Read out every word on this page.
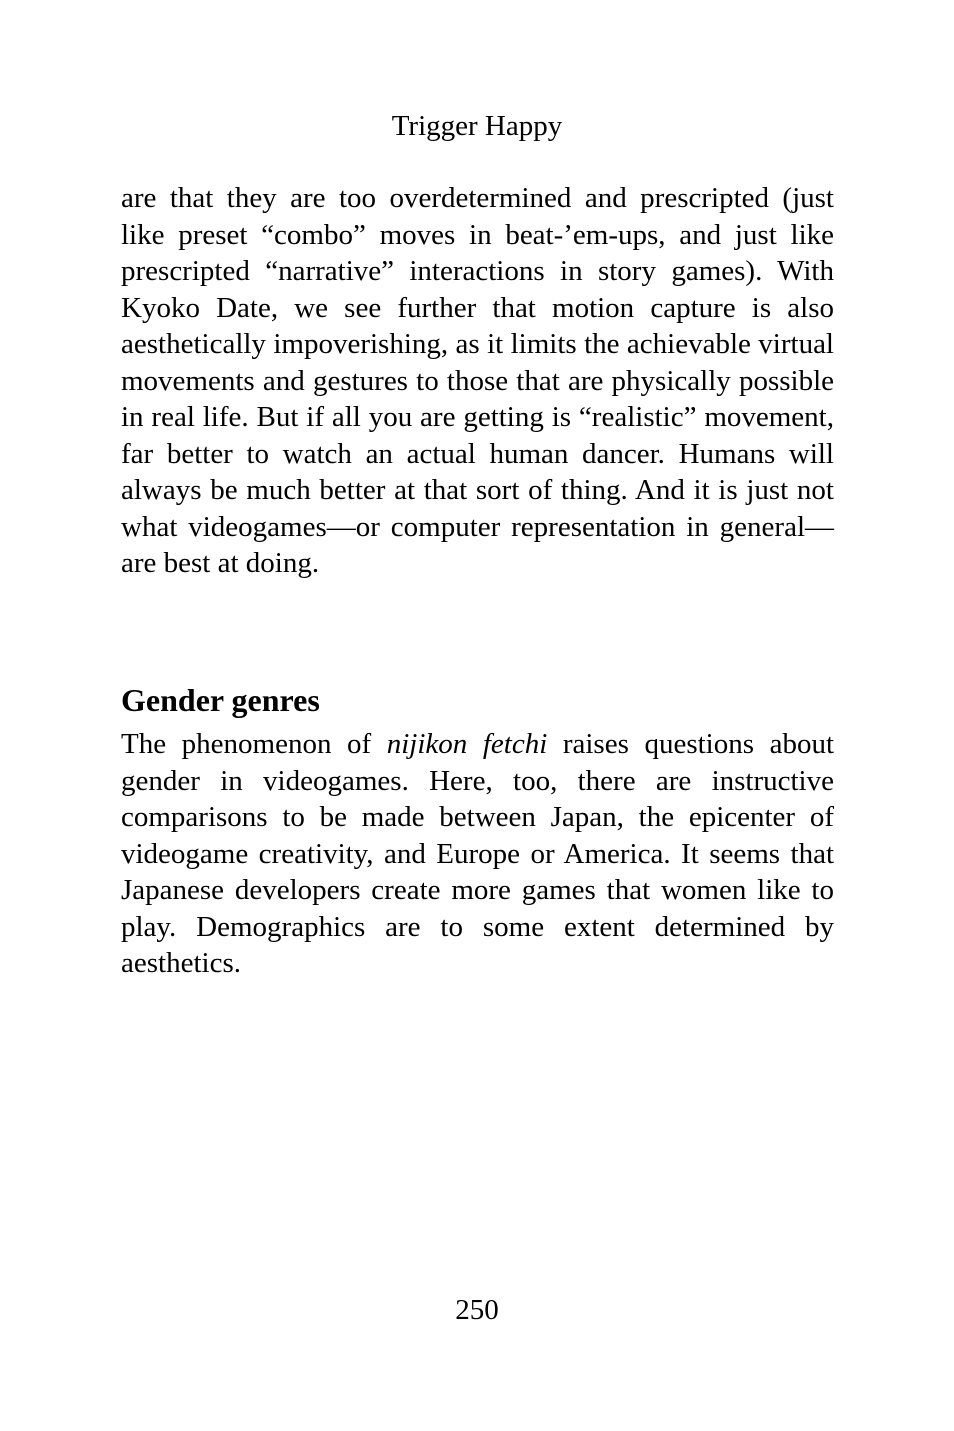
Trigger Happy

are that they are too overdetermined and prescripted (just like preset “combo” moves in beat-’em-ups, and just like prescripted “narrative” interactions in story games). With Kyoko Date, we see further that motion capture is also aesthetically impoverishing, as it limits the achievable virtual movements and gestures to those that are physically possible in real life. But if all you are getting is “realistic” movement, far better to watch an actual human dancer. Humans will always be much better at that sort of thing. And it is just not what videogames—or computer representation in general—are best at doing.

Gender genres

The phenomenon of nijikon fetchi raises questions about gender in videogames. Here, too, there are instructive comparisons to be made between Japan, the epicenter of videogame creativity, and Europe or America. It seems that Japanese developers create more games that women like to play. Demographics are to some extent determined by aesthetics.

250
